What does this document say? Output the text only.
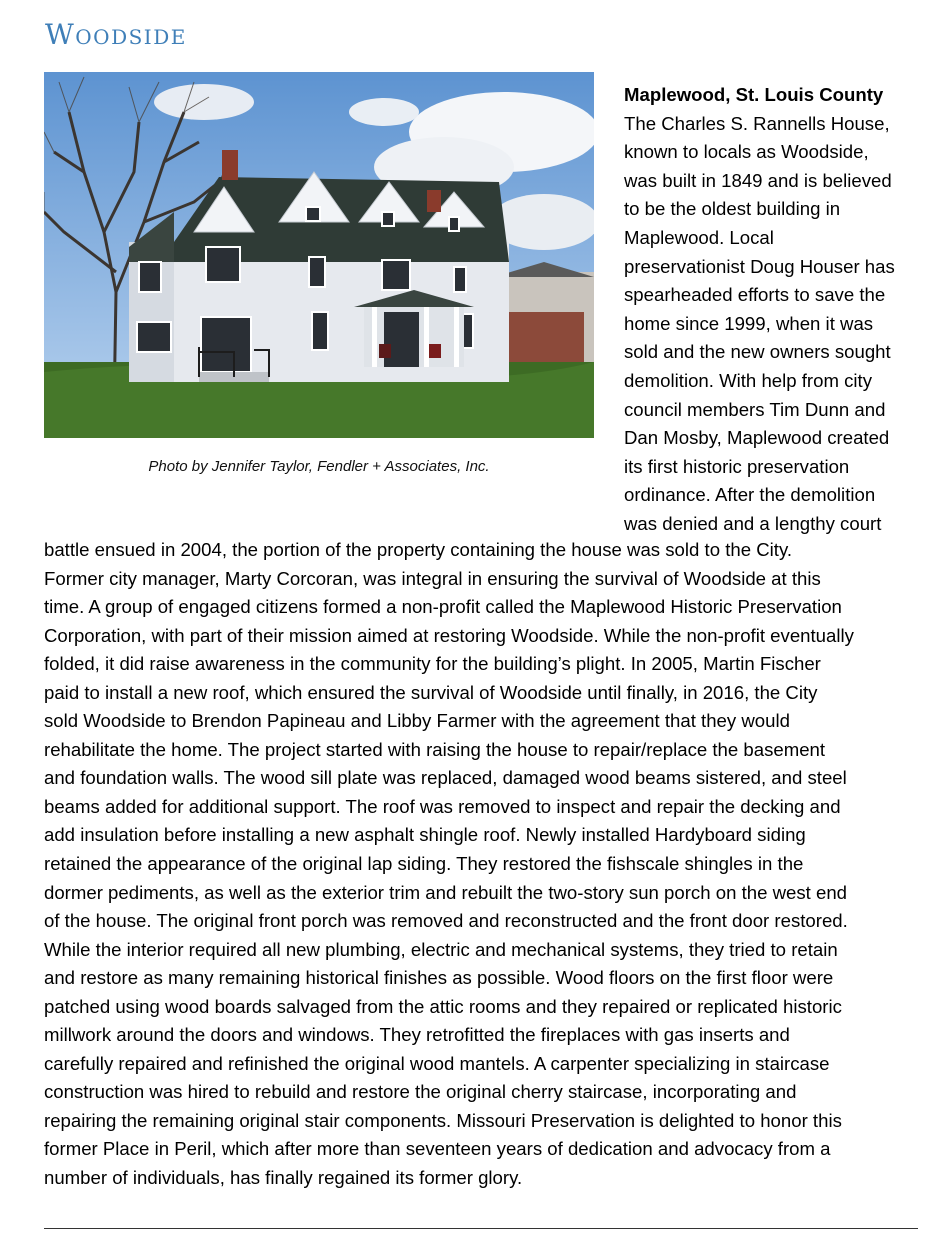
Woodside
Photo by Jennifer Taylor, Fendler + Associates, Inc.
Maplewood, St. Louis County
The Charles S. Rannells House,
known to locals as Woodside,
was built in 1849 and is believed
to be the oldest building in
Maplewood. Local
preservationist Doug Houser has
spearheaded efforts to save the
home since 1999, when it was
sold and the new owners sought
demolition. With help from city
council members Tim Dunn and
Dan Mosby, Maplewood created
its first historic preservation
ordinance. After the demolition
was denied and a lengthy court
battle ensued in 2004, the portion of the property containing the house was sold to the City.
Former city manager, Marty Corcoran, was integral in ensuring the survival of Woodside at this
time. A group of engaged citizens formed a non-profit called the Maplewood Historic Preservation
Corporation, with part of their mission aimed at restoring Woodside. While the non-profit eventually
folded, it did raise awareness in the community for the building’s plight. In 2005, Martin Fischer
paid to install a new roof, which ensured the survival of Woodside until finally, in 2016, the City
sold Woodside to Brendon Papineau and Libby Farmer with the agreement that they would
rehabilitate the home. The project started with raising the house to repair/replace the basement
and foundation walls. The wood sill plate was replaced, damaged wood beams sistered, and steel
beams added for additional support. The roof was removed to inspect and repair the decking and
add insulation before installing a new asphalt shingle roof. Newly installed Hardyboard siding
retained the appearance of the original lap siding. They restored the fishscale shingles in the
dormer pediments, as well as the exterior trim and rebuilt the two-story sun porch on the west end
of the house. The original front porch was removed and reconstructed and the front door restored.
While the interior required all new plumbing, electric and mechanical systems, they tried to retain
and restore as many remaining historical finishes as possible. Wood floors on the first floor were
patched using wood boards salvaged from the attic rooms and they repaired or replicated historic
millwork around the doors and windows. They retrofitted the fireplaces with gas inserts and
carefully repaired and refinished the original wood mantels. A carpenter specializing in staircase
construction was hired to rebuild and restore the original cherry staircase, incorporating and
repairing the remaining original stair components. Missouri Preservation is delighted to honor this
former Place in Peril, which after more than seventeen years of dedication and advocacy from a
number of individuals, has finally regained its former glory.
